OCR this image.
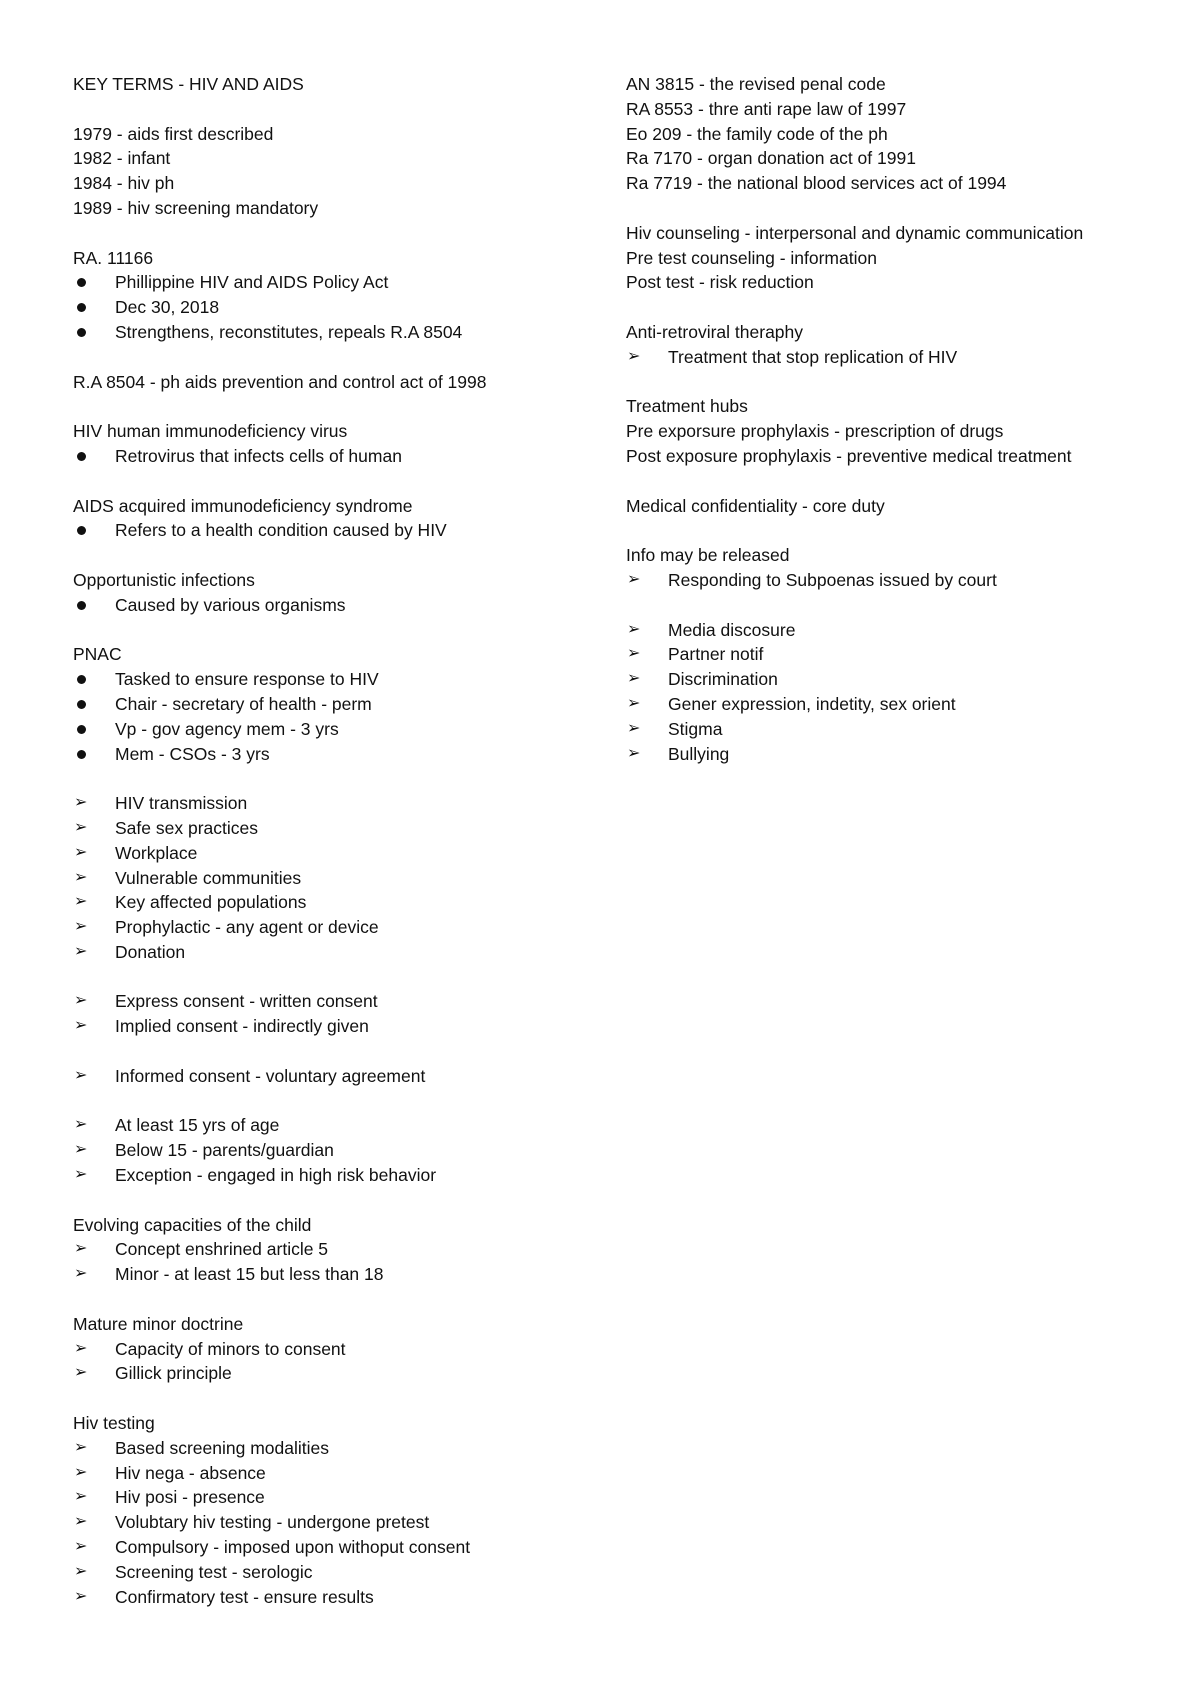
KEY TERMS - HIV AND AIDS
1979 - aids first described
1982 - infant
1984 - hiv ph
1989 - hiv screening mandatory
RA. 11166
Phillippine HIV and AIDS Policy Act
Dec 30, 2018
Strengthens, reconstitutes, repeals R.A 8504
R.A 8504 - ph aids prevention and control act of 1998
HIV human immunodeficiency virus
Retrovirus that infects cells of human
AIDS acquired immunodeficiency syndrome
Refers to a health condition caused by HIV
Opportunistic infections
Caused by various organisms
PNAC
Tasked to ensure response to HIV
Chair - secretary of health - perm
Vp - gov agency mem - 3 yrs
Mem - CSOs - 3 yrs
➢	HIV transmission
➢	Safe sex practices
➢	Workplace
➢	Vulnerable communities
➢	Key affected populations
➢	Prophylactic - any agent or device
➢	Donation
➢	Express consent - written consent
➢	Implied consent - indirectly given
➢	Informed consent - voluntary agreement
➢	At least 15 yrs of age
➢	Below 15 - parents/guardian
➢	Exception - engaged in high risk behavior
Evolving capacities of the child
➢	Concept enshrined article 5
➢	Minor - at least 15 but less than 18
Mature minor doctrine
➢	Capacity of minors to consent
➢	Gillick principle
Hiv testing
➢	Based screening modalities
➢	Hiv nega - absence
➢	Hiv posi - presence
➢	Volubtary hiv testing - undergone pretest
➢	Compulsory - imposed upon withoput consent
➢	Screening test - serologic
➢	Confirmatory test - ensure results
AN 3815 - the revised penal code
RA 8553 - thre anti rape law of 1997
Eo 209 - the family code of the ph
Ra 7170 - organ donation act of 1991
Ra 7719 - the national blood services act of 1994
Hiv counseling - interpersonal and dynamic communication
Pre test counseling - information
Post test - risk reduction
Anti-retroviral theraphy
➢	Treatment that stop replication of HIV
Treatment hubs
Pre exporsure prophylaxis - prescription of drugs
Post exposure prophylaxis - preventive medical treatment
Medical confidentiality - core duty
Info may be released
➢	Responding to Subpoenas issued by court
➢	Media discosure
➢	Partner notif
➢	Discrimination
➢	Gener expression, indetity, sex orient
➢	Stigma
➢	Bullying
